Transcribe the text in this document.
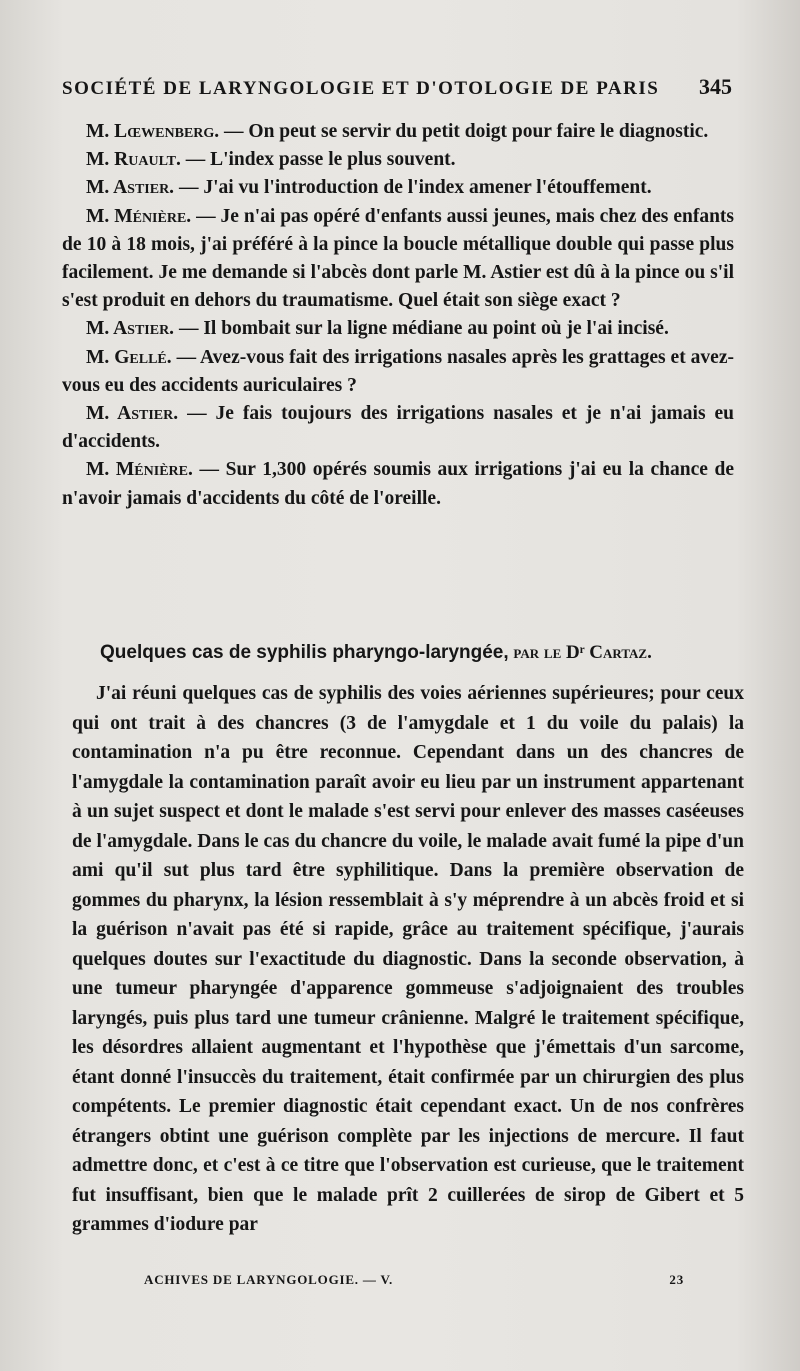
SOCIÉTÉ DE LARYNGOLOGIE ET D'OTOLOGIE DE PARIS 345

M. Lœwenberg. — On peut se servir du petit doigt pour faire le diagnostic.

M. Ruault. — L'index passe le plus souvent.

M. Astier. — J'ai vu l'introduction de l'index amener l'étouffement.

M. Ménière. — Je n'ai pas opéré d'enfants aussi jeunes, mais chez des enfants de 10 à 18 mois, j'ai préféré à la pince la boucle métallique double qui passe plus facilement. Je me demande si l'abcès dont parle M. Astier est dû à la pince ou s'il s'est produit en dehors du traumatisme. Quel était son siège exact ?

M. Astier. — Il bombait sur la ligne médiane au point où je l'ai incisé.

M. Gellé. — Avez-vous fait des irrigations nasales après les grattages et avez-vous eu des accidents auriculaires ?

M. Astier. — Je fais toujours des irrigations nasales et je n'ai jamais eu d'accidents.

M. Ménière. — Sur 1,300 opérés soumis aux irrigations j'ai eu la chance de n'avoir jamais d'accidents du côté de l'oreille.

Quelques cas de syphilis pharyngo-laryngée, par le Dʳ Cartaz.

J'ai réuni quelques cas de syphilis des voies aériennes supérieures; pour ceux qui ont trait à des chancres (3 de l'amygdale et 1 du voile du palais) la contamination n'a pu être reconnue. Cependant dans un des chancres de l'amygdale la contamination paraît avoir eu lieu par un instrument appartenant à un sujet suspect et dont le malade s'est servi pour enlever des masses caséeuses de l'amygdale. Dans le cas du chancre du voile, le malade avait fumé la pipe d'un ami qu'il sut plus tard être syphilitique. Dans la première observation de gommes du pharynx, la lésion ressemblait à s'y méprendre à un abcès froid et si la guérison n'avait pas été si rapide, grâce au traitement spécifique, j'aurais quelques doutes sur l'exactitude du diagnostic. Dans la seconde observation, à une tumeur pharyngée d'apparence gommeuse s'adjoignaient des troubles laryngés, puis plus tard une tumeur crânienne. Malgré le traitement spécifique, les désordres allaient augmentant et l'hypothèse que j'émettais d'un sarcome, étant donné l'insuccès du traitement, était confirmée par un chirurgien des plus compétents. Le premier diagnostic était cependant exact. Un de nos confrères étrangers obtint une guérison complète par les injections de mercure. Il faut admettre donc, et c'est à ce titre que l'observation est curieuse, que le traitement fut insuffisant, bien que le malade prît 2 cuillerées de sirop de Gibert et 5 grammes d'iodure par

ACHIVES DE LARYNGOLOGIE. — V.	23
